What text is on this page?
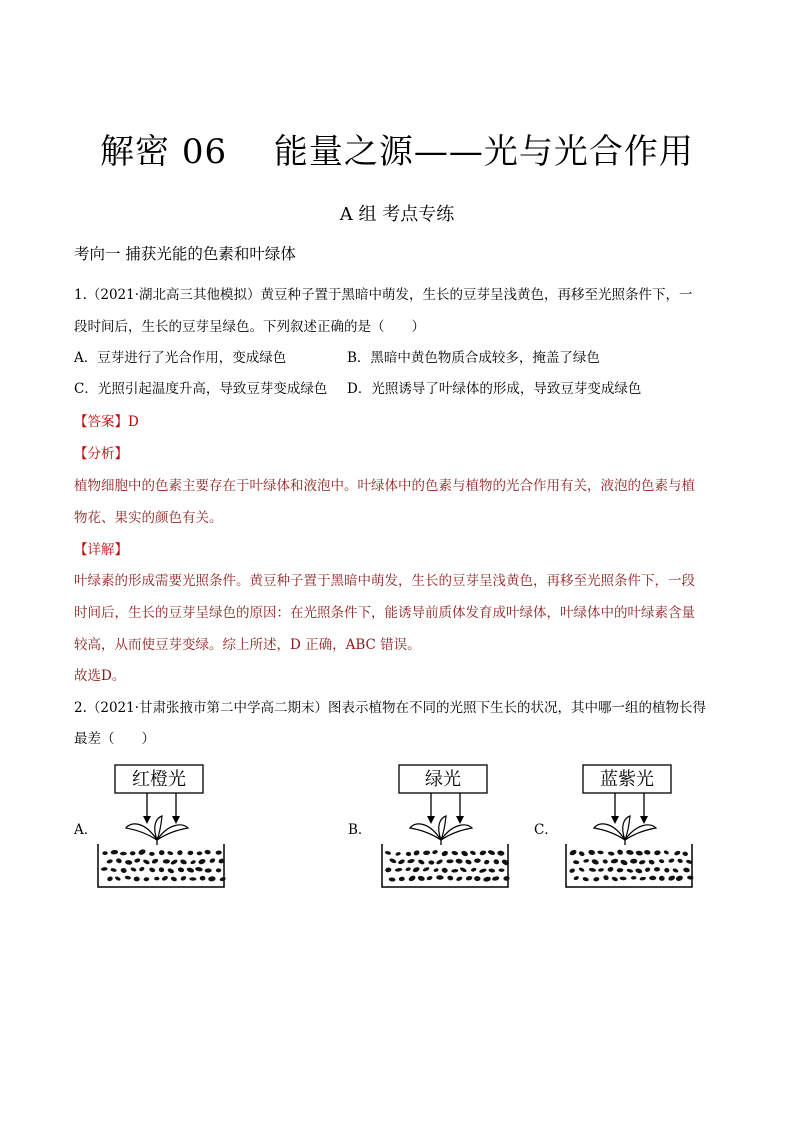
解密 06　 能量之源——光与光合作用
A 组 考点专练
考向一 捕获光能的色素和叶绿体
1.（2021·湖北高三其他模拟）黄豆种子置于黑暗中萌发，生长的豆芽呈浅黄色，再移至光照条件下，一
段时间后，生长的豆芽呈绿色。下列叙述正确的是（　　）
A．豆芽进行了光合作用，变成绿色	B．黑暗中黄色物质合成较多，掩盖了绿色
C．光照引起温度升高，导致豆芽变成绿色 D．光照诱导了叶绿体的形成，导致豆芽变成绿色
【答案】D
【分析】
植物细胞中的色素主要存在于叶绿体和液泡中。叶绿体中的色素与植物的光合作用有关，液泡的色素与植
物花、果实的颜色有关。
【详解】
叶绿素的形成需要光照条件。黄豆种子置于黑暗中萌发，生长的豆芽呈浅黄色，再移至光照条件下，一段
时间后，生长的豆芽呈绿色的原因：在光照条件下，能诱导前质体发育成叶绿体，叶绿体中的叶绿素含量
较高，从而使豆芽变绿。综上所述，D 正确，ABC 错误。
故选D。
2.（2021·甘肃张掖市第二中学高二期末）图表示植物在不同的光照下生长的状况，其中哪一组的植物长得
最差（　　）
A．
红橙光
B．
绿光
C．
蓝紫光
